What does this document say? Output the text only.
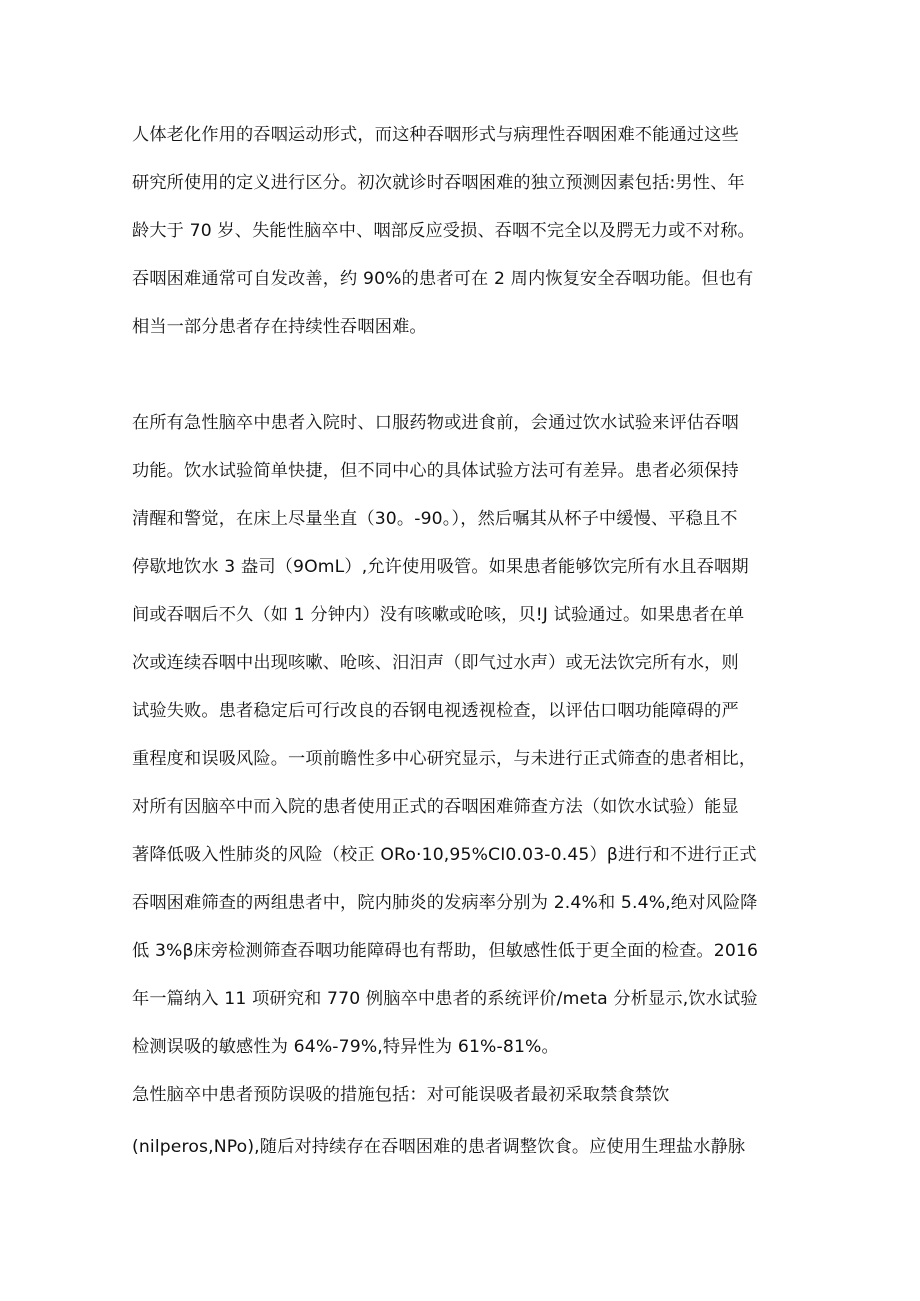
人体老化作用的吞咽运动形式，而这种吞咽形式与病理性吞咽困难不能通过这些
研究所使用的定义进行区分。初次就诊时吞咽困难的独立预测因素包括:男性、年
龄大于 70 岁、失能性脑卒中、咽部反应受损、吞咽不完全以及腭无力或不对称。
吞咽困难通常可自发改善，约 90%的患者可在 2 周内恢复安全吞咽功能。但也有
相当一部分患者存在持续性吞咽困难。
在所有急性脑卒中患者入院时、口服药物或进食前，会通过饮水试验来评估吞咽
功能。饮水试验简单快捷，但不同中心的具体试验方法可有差异。患者必须保持
清醒和警觉，在床上尽量坐直（30。-90。），然后嘱其从杯子中缓慢、平稳且不
停歇地饮水 3 盎司（9OmL）,允许使用吸管。如果患者能够饮完所有水且吞咽期
间或吞咽后不久（如 1 分钟内）没有咳嗽或呛咳，贝!J 试验通过。如果患者在单
次或连续吞咽中出现咳嗽、呛咳、汨汨声（即气过水声）或无法饮完所有水，则
试验失败。患者稳定后可行改良的吞钢电视透视检查，以评估口咽功能障碍的严
重程度和误吸风险。一项前瞻性多中心研究显示，与未进行正式筛查的患者相比，
对所有因脑卒中而入院的患者使用正式的吞咽困难筛查方法（如饮水试验）能显
著降低吸入性肺炎的风险（校正 ORo·10,95%CI0.03-0.45）β进行和不进行正式
吞咽困难筛查的两组患者中，院内肺炎的发病率分别为 2.4%和 5.4%,绝对风险降
低 3%β床旁检测筛查吞咽功能障碍也有帮助，但敏感性低于更全面的检查。2016
年一篇纳入 11 项研究和 770 例脑卒中患者的系统评价/meta 分析显示,饮水试验
检测误吸的敏感性为 64%-79%,特异性为 61%-81%。
急性脑卒中患者预防误吸的措施包括：对可能误吸者最初采取禁食禁饮
(nilperos,NPo),随后对持续存在吞咽困难的患者调整饮食。应使用生理盐水静脉
